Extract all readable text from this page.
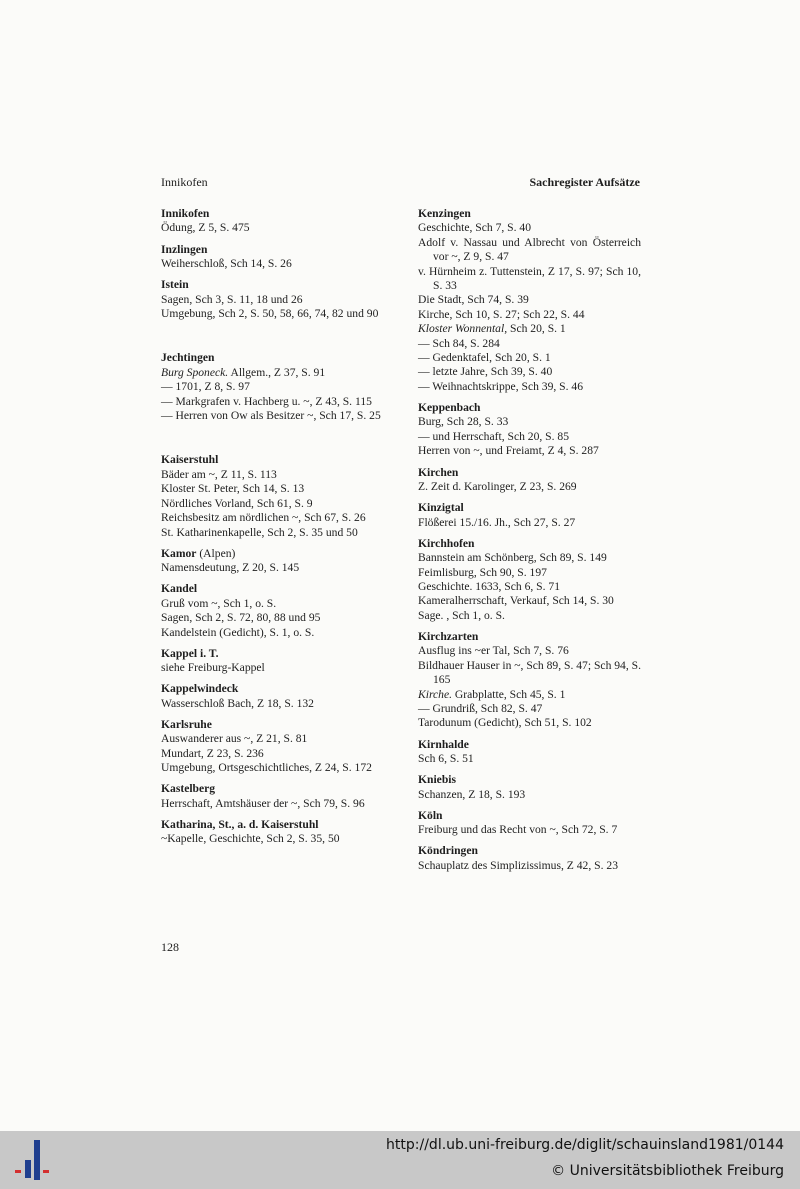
Innikofen	Sachregister Aufsätze
Innikofen
Ödung, Z 5, S. 475
Inzlingen
Weiherschloß, Sch 14, S. 26
Istein
Sagen, Sch 3, S. 11, 18 und 26
Umgebung, Sch 2, S. 50, 58, 66, 74, 82 und 90
Jechtingen
Burg Sponeck. Allgem., Z 37, S. 91
— 1701, Z 8, S. 97
— Markgrafen v. Hachberg u. ~, Z 43, S. 115
— Herren von Ow als Besitzer ~, Sch 17, S. 25
Kaiserstuhl
Bäder am ~, Z 11, S. 113
Kloster St. Peter, Sch 14, S. 13
Nördliches Vorland, Sch 61, S. 9
Reichsbesitz am nördlichen ~, Sch 67, S. 26
St. Katharinenkapelle, Sch 2, S. 35 und 50
Kamor (Alpen)
Namensdeutung, Z 20, S. 145
Kandel
Gruß vom ~, Sch 1, o. S.
Sagen, Sch 2, S. 72, 80, 88 und 95
Kandelstein (Gedicht), S. 1, o. S.
Kappel i. T.
siehe Freiburg-Kappel
Kappelwindeck
Wasserschloß Bach, Z 18, S. 132
Karlsruhe
Auswanderer aus ~, Z 21, S. 81
Mundart, Z 23, S. 236
Umgebung, Ortsgeschichtliches, Z 24, S. 172
Kastelberg
Herrschaft, Amtshäuser der ~, Sch 79, S. 96
Katharina, St., a. d. Kaiserstuhl
~Kapelle, Geschichte, Sch 2, S. 35, 50
Kenzingen
Geschichte, Sch 7, S. 40
Adolf v. Nassau und Albrecht von Österreich vor ~, Z 9, S. 47
v. Hürnheim z. Tuttenstein, Z 17, S. 97; Sch 10, S. 33
Die Stadt, Sch 74, S. 39
Kirche, Sch 10, S. 27; Sch 22, S. 44
Kloster Wonnental, Sch 20, S. 1
— Sch 84, S. 284
— Gedenktafel, Sch 20, S. 1
— letzte Jahre, Sch 39, S. 40
— Weihnachtskrippe, Sch 39, S. 46
Keppenbach
Burg, Sch 28, S. 33
— und Herrschaft, Sch 20, S. 85
Herren von ~, und Freiamt, Z 4, S. 287
Kirchen
Z. Zeit d. Karolinger, Z 23, S. 269
Kinzigtal
Flößerei 15./16. Jh., Sch 27, S. 27
Kirchhofen
Bannstein am Schönberg, Sch 89, S. 149
Feimlisburg, Sch 90, S. 197
Geschichte. 1633, Sch 6, S. 71
Kameralherrschaft, Verkauf, Sch 14, S. 30
Sage. , Sch 1, o. S.
Kirchzarten
Ausflug ins ~er Tal, Sch 7, S. 76
Bildhauer Hauser in ~, Sch 89, S. 47; Sch 94, S. 165
Kirche. Grabplatte, Sch 45, S. 1
— Grundriß, Sch 82, S. 47
Tarodunum (Gedicht), Sch 51, S. 102
Kirnhalde
Sch 6, S. 51
Kniebis
Schanzen, Z 18, S. 193
Köln
Freiburg und das Recht von ~, Sch 72, S. 7
Köndringen
Schauplatz des Simplizissimus, Z 42, S. 23
128
http://dl.ub.uni-freiburg.de/diglit/schauinsland1981/0144
© Universitätsbibliothek Freiburg
